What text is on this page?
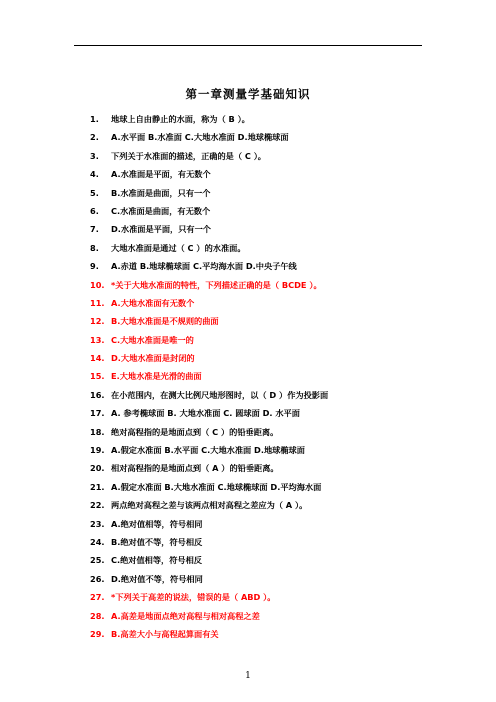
第一章测量学基础知识
1.	地球上自由静止的水面，称为（ B ）。
2.	A.水平面 B.水准面 C.大地水准面 D.地球椭球面
3.	下列关于水准面的描述，正确的是（ C ）。
4.	A.水准面是平面，有无数个
5.	B.水准面是曲面，只有一个
6.	C.水准面是曲面，有无数个
7.	D.水准面是平面，只有一个
8.	大地水准面是通过（ C ）的水准面。
9.	A.赤道 B.地球椭球面 C.平均海水面 D.中央子午线
10. *关于大地水准面的特性，下列描述正确的是（ BCDE ）。
11. A.大地水准面有无数个
12. B.大地水准面是不规则的曲面
13. C.大地水准面是唯一的
14. D.大地水准面是封闭的
15. E.大地水准是光滑的曲面
16. 在小范围内，在测大比例尺地形图时，以（ D ）作为投影面
17. A. 参考椭球面 B. 大地水准面 C. 圆球面 D. 水平面
18. 绝对高程指的是地面点到（ C ）的铅垂距离。
19. A.假定水准面 B.水平面 C.大地水准面 D.地球椭球面
20. 相对高程指的是地面点到（ A ）的铅垂距离。
21. A.假定水准面 B.大地水准面 C.地球椭球面 D.平均海水面
22. 两点绝对高程之差与该两点相对高程之差应为（ A ）。
23. A.绝对值相等，符号相同
24. B.绝对值不等，符号相反
25. C.绝对值相等，符号相反
26. D.绝对值不等，符号相同
27. *下列关于高差的说法，错误的是（ ABD ）。
28. A.高差是地面点绝对高程与相对高程之差
29. B.高差大小与高程起算面有关
1
